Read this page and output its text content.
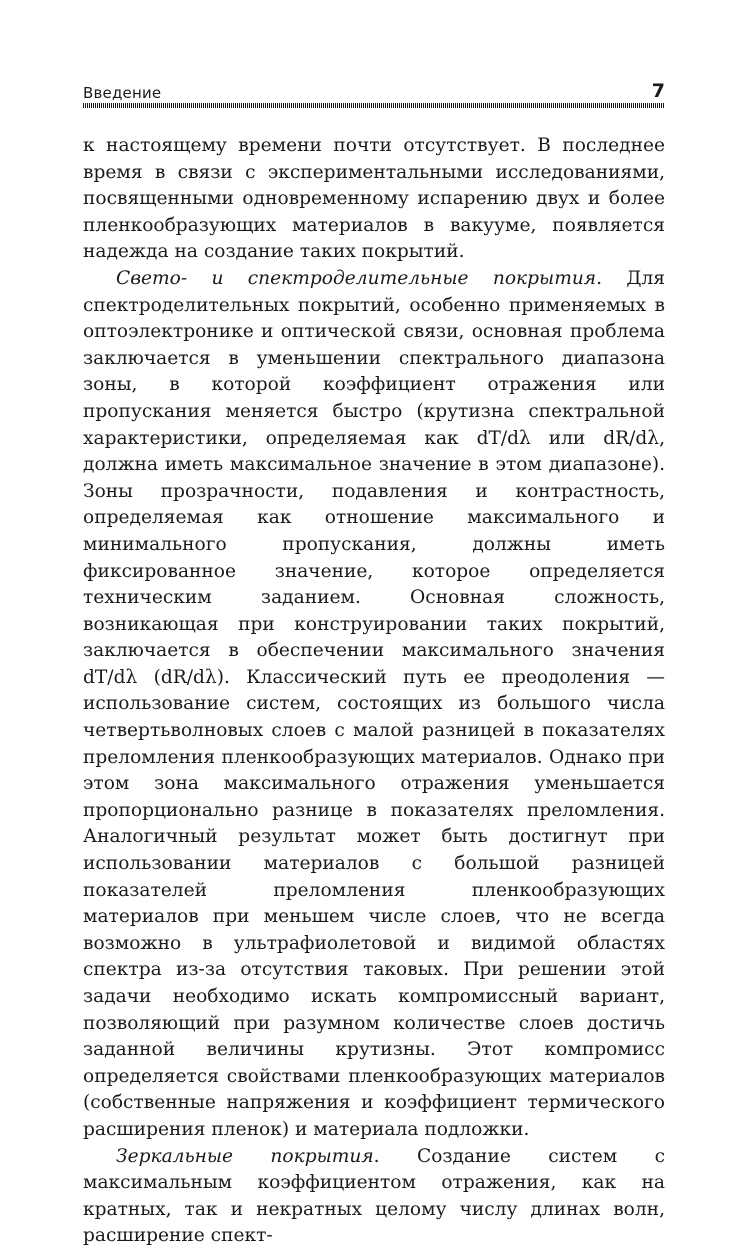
Введение	7

к настоящему времени почти отсутствует. В последнее время в связи с экспериментальными исследованиями, посвященными одновременному испарению двух и более пленкообразующих материалов в вакууме, появляется надежда на создание таких покрытий.

Свето- и спектроделительные покрытия. Для спектроделительных покрытий, особенно применяемых в оптоэлектронике и оптической связи, основная проблема заключается в уменьшении спектрального диапазона зоны, в которой коэффициент отражения или пропускания меняется быстро (крутизна спектральной характеристики, определяемая как dT/dλ или dR/dλ, должна иметь максимальное значение в этом диапазоне). Зоны прозрачности, подавления и контрастность, определяемая как отношение максимального и минимального пропускания, должны иметь фиксированное значение, которое определяется техническим заданием. Основная сложность, возникающая при конструировании таких покрытий, заключается в обеспечении максимального значения dT/dλ (dR/dλ). Классический путь ее преодоления — использование систем, состоящих из большого числа четвертьволновых слоев с малой разницей в показателях преломления пленкообразующих материалов. Однако при этом зона максимального отражения уменьшается пропорционально разнице в показателях преломления. Аналогичный результат может быть достигнут при использовании материалов с большой разницей показателей преломления пленкообразующих материалов при меньшем числе слоев, что не всегда возможно в ультрафиолетовой и видимой областях спектра из-за отсутствия таковых. При решении этой задачи необходимо искать компромиссный вариант, позволяющий при разумном количестве слоев достичь заданной величины крутизны. Этот компромисс определяется свойствами пленкообразующих материалов (собственные напряжения и коэффициент термического расширения пленок) и материала подложки.

Зеркальные покрытия. Создание систем с максимальным коэффициентом отражения, как на кратных, так и некратных целому числу длинах волн, расширение спект-
